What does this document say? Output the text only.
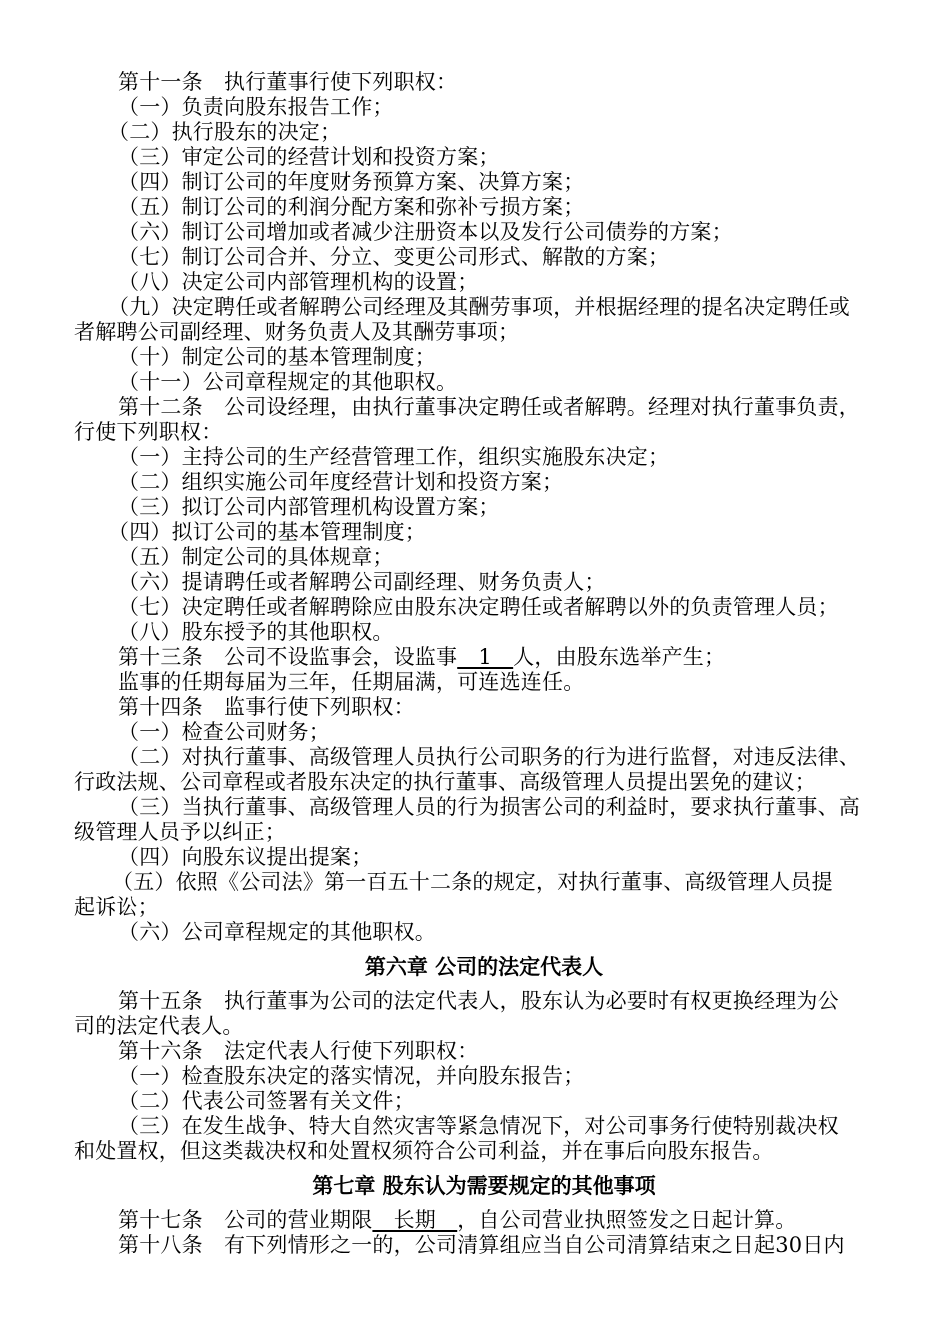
第十一条　执行董事行使下列职权：
（一）负责向股东报告工作；
（二）执行股东的决定；
（三）审定公司的经营计划和投资方案；
（四）制订公司的年度财务预算方案、决算方案；
（五）制订公司的利润分配方案和弥补亏损方案；
（六）制订公司增加或者减少注册资本以及发行公司债券的方案；
（七）制订公司合并、分立、变更公司形式、解散的方案；
（八）决定公司内部管理机构的设置；
（九）决定聘任或者解聘公司经理及其酬劳事项，并根据经理的提名决定聘任或
者解聘公司副经理、财务负责人及其酬劳事项；
（十）制定公司的基本管理制度；
（十一）公司章程规定的其他职权。
第十二条　公司设经理，由执行董事决定聘任或者解聘。经理对执行董事负责，
行使下列职权：
（一）主持公司的生产经营管理工作，组织实施股东决定；
（二）组织实施公司年度经营计划和投资方案；
（三）拟订公司内部管理机构设置方案；
（四）拟订公司的基本管理制度；
（五）制定公司的具体规章；
（六）提请聘任或者解聘公司副经理、财务负责人；
（七）决定聘任或者解聘除应由股东决定聘任或者解聘以外的负责管理人员；
（八）股东授予的其他职权。
第十三条　公司不设监事会，设监事　1　人，由股东选举产生；
监事的任期每届为三年，任期届满，可连选连任。
第十四条　监事行使下列职权：
（一）检查公司财务；
（二）对执行董事、高级管理人员执行公司职务的行为进行监督，对违反法律、
行政法规、公司章程或者股东决定的执行董事、高级管理人员提出罢免的建议；
（三）当执行董事、高级管理人员的行为损害公司的利益时，要求执行董事、高
级管理人员予以纠正；
（四）向股东议提出提案；
（五）依照《公司法》第一百五十二条的规定，对执行董事、高级管理人员提
起诉讼；
（六）公司章程规定的其他职权。
第六章 公司的法定代表人
第十五条　执行董事为公司的法定代表人，股东认为必要时有权更换经理为公
司的法定代表人。
第十六条　法定代表人行使下列职权：
（一）检查股东决定的落实情况，并向股东报告；
（二）代表公司签署有关文件；
（三）在发生战争、特大自然灾害等紧急情况下，对公司事务行使特别裁决权
和处置权，但这类裁决权和处置权须符合公司利益，并在事后向股东报告。
第七章 股东认为需要规定的其他事项
第十七条　公司的营业期限　长期　，自公司营业执照签发之日起计算。
第十八条　有下列情形之一的，公司清算组应当自公司清算结束之日起30日内
